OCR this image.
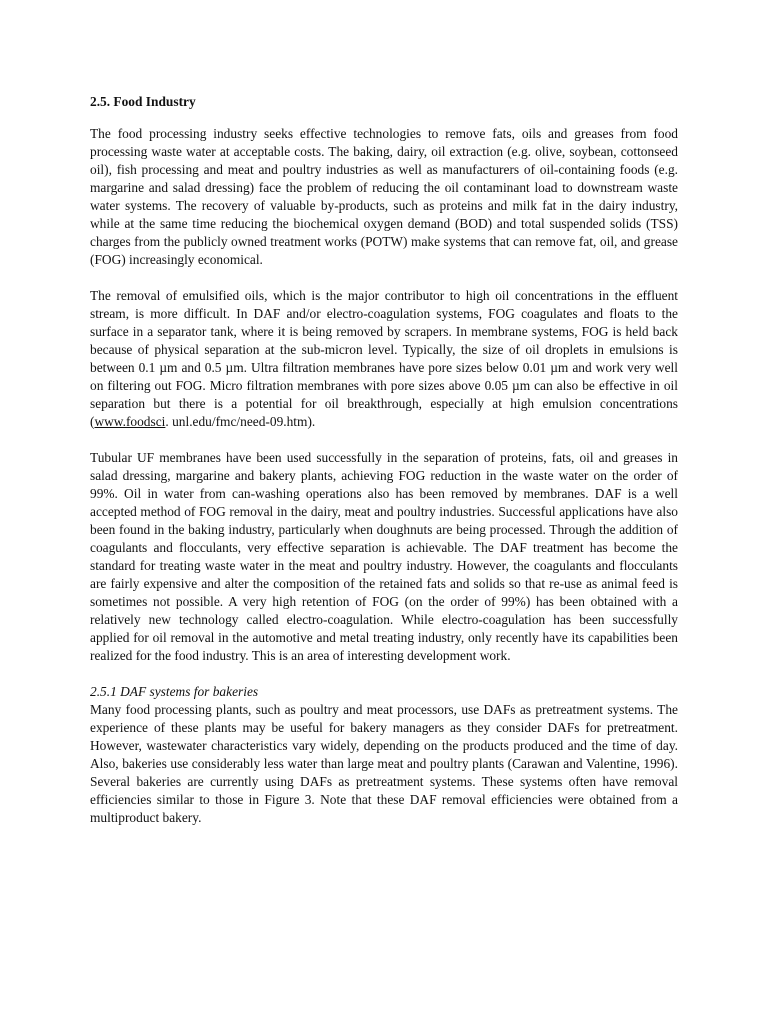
2.5. Food Industry

The food processing industry seeks effective technologies to remove fats, oils and greases from food processing waste water at acceptable costs. The baking, dairy, oil extraction (e.g. olive, soybean, cottonseed oil), fish processing and meat and poultry industries as well as manufacturers of oil-containing foods (e.g. margarine and salad dressing) face the problem of reducing the oil contaminant load to downstream waste water systems. The recovery of valuable by-products, such as proteins and milk fat in the dairy industry, while at the same time reducing the biochemical oxygen demand (BOD) and total suspended solids (TSS) charges from the publicly owned treatment works (POTW) make systems that can remove fat, oil, and grease (FOG) increasingly economical.

The removal of emulsified oils, which is the major contributor to high oil concentrations in the effluent stream, is more difficult. In DAF and/or electro-coagulation systems, FOG coagulates and floats to the surface in a separator tank, where it is being removed by scrapers. In membrane systems, FOG is held back because of physical separation at the sub-micron level. Typically, the size of oil droplets in emulsions is between 0.1 µm and 0.5 µm. Ultra filtration membranes have pore sizes below 0.01 µm and work very well on filtering out FOG. Micro filtration membranes with pore sizes above 0.05 µm can also be effective in oil separation but there is a potential for oil breakthrough, especially at high emulsion concentrations (www.foodsci. unl.edu/fmc/need-09.htm).

Tubular UF membranes have been used successfully in the separation of proteins, fats, oil and greases in salad dressing, margarine and bakery plants, achieving FOG reduction in the waste water on the order of 99%. Oil in water from can-washing operations also has been removed by membranes. DAF is a well accepted method of FOG removal in the dairy, meat and poultry industries. Successful applications have also been found in the baking industry, particularly when doughnuts are being processed. Through the addition of coagulants and flocculants, very effective separation is achievable. The DAF treatment has become the standard for treating waste water in the meat and poultry industry. However, the coagulants and flocculants are fairly expensive and alter the composition of the retained fats and solids so that re-use as animal feed is sometimes not possible. A very high retention of FOG (on the order of 99%) has been obtained with a relatively new technology called electro-coagulation. While electro-coagulation has been successfully applied for oil removal in the automotive and metal treating industry, only recently have its capabilities been realized for the food industry. This is an area of interesting development work.

2.5.1 DAF systems for bakeries

Many food processing plants, such as poultry and meat processors, use DAFs as pretreatment systems. The experience of these plants may be useful for bakery managers as they consider DAFs for pretreatment. However, wastewater characteristics vary widely, depending on the products produced and the time of day. Also, bakeries use considerably less water than large meat and poultry plants (Carawan and Valentine, 1996). Several bakeries are currently using DAFs as pretreatment systems. These systems often have removal efficiencies similar to those in Figure 3. Note that these DAF removal efficiencies were obtained from a multiproduct bakery.
